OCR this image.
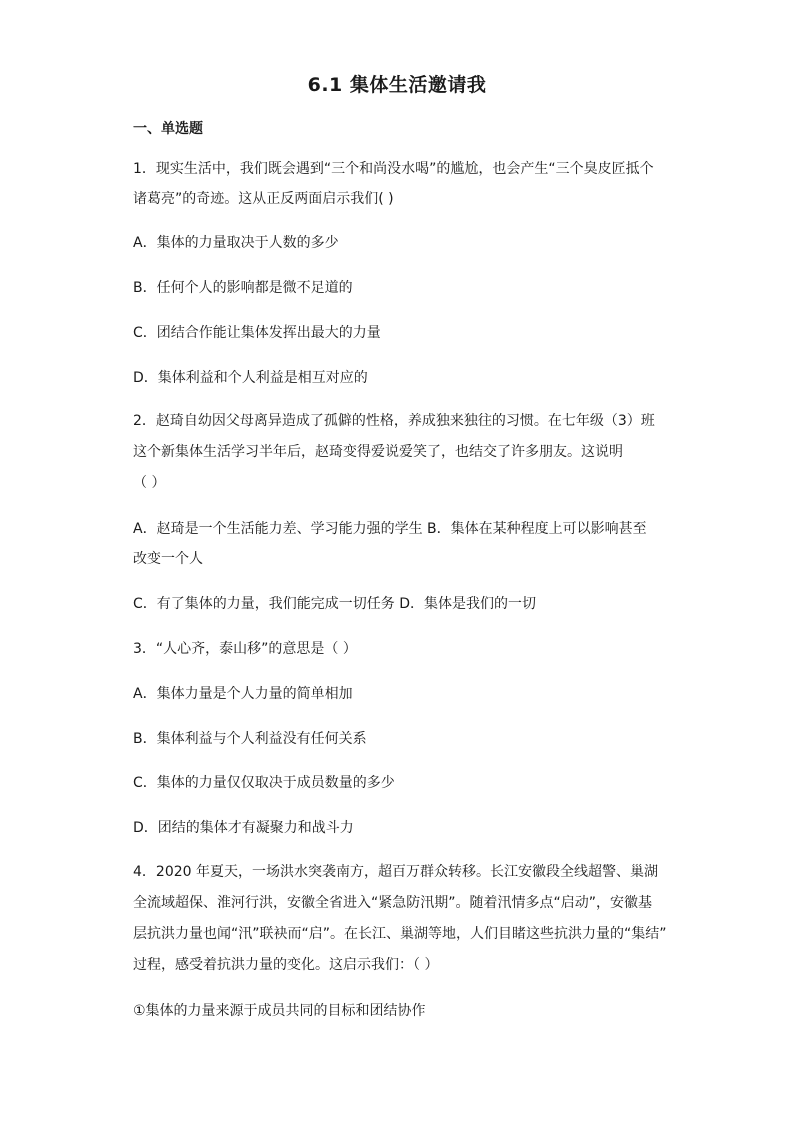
6.1 集体生活邀请我
一、单选题
1．现实生活中，我们既会遇到“三个和尚没水喝”的尴尬，也会产生“三个臭皮匠抵个
诸葛亮”的奇迹。这从正反两面启示我们( )
A．集体的力量取决于人数的多少
B．任何个人的影响都是微不足道的
C．团结合作能让集体发挥出最大的力量
D．集体利益和个人利益是相互对应的
2．赵琦自幼因父母离异造成了孤僻的性格，养成独来独往的习惯。在七年级（3）班
这个新集体生活学习半年后，赵琦变得爱说爱笑了，也结交了许多朋友。这说明
（ ）
A．赵琦是一个生活能力差、学习能力强的学生 B．集体在某种程度上可以影响甚至
改变一个人
C．有了集体的力量，我们能完成一切任务 D．集体是我们的一切
3．“人心齐，泰山移”的意思是（ ）
A．集体力量是个人力量的简单相加
B．集体利益与个人利益没有任何关系
C．集体的力量仅仅取决于成员数量的多少
D．团结的集体才有凝聚力和战斗力
4．2020 年夏天，一场洪水突袭南方，超百万群众转移。长江安徽段全线超警、巢湖
全流域超保、淮河行洪，安徽全省进入“紧急防汛期”。随着汛情多点“启动”，安徽基
层抗洪力量也闻“汛”联袂而“启”。在长江、巢湖等地，人们目睹这些抗洪力量的“集结”
过程，感受着抗洪力量的变化。这启示我们：（ ）
①集体的力量来源于成员共同的目标和团结协作
